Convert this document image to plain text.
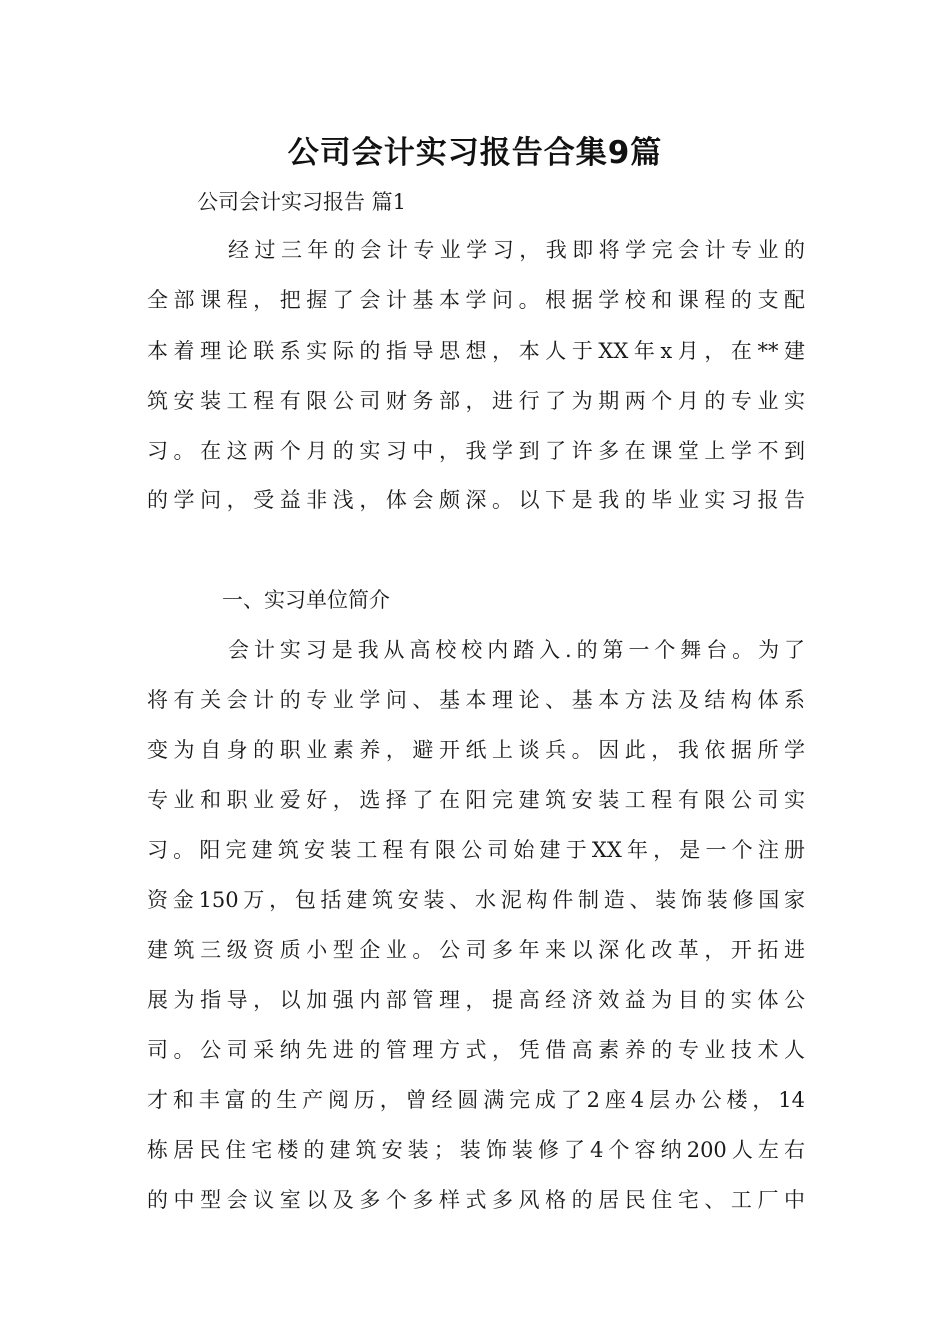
公司会计实习报告合集9篇
公司会计实习报告 篇1
经过三年的会计专业学习，我即将学完会计专业的
全部课程，把握了会计基本学问。根据学校和课程的支配
本着理论联系实际的指导思想，本人于XX年x月，在**建
筑安装工程有限公司财务部，进行了为期两个月的专业实
习。在这两个月的实习中，我学到了许多在课堂上学不到
的学问，受益非浅，体会颇深。以下是我的毕业实习报告
一、实习单位简介
会计实习是我从高校校内踏入.的第一个舞台。为了
将有关会计的专业学问、基本理论、基本方法及结构体系
变为自身的职业素养，避开纸上谈兵。因此，我依据所学
专业和职业爱好，选择了在阳完建筑安装工程有限公司实
习。阳完建筑安装工程有限公司始建于XX年，是一个注册
资金150万，包括建筑安装、水泥构件制造、装饰装修国家
建筑三级资质小型企业。公司多年来以深化改革，开拓进
展为指导，以加强内部管理，提高经济效益为目的实体公
司。公司采纳先进的管理方式，凭借高素养的专业技术人
才和丰富的生产阅历，曾经圆满完成了2座4层办公楼，14
栋居民住宅楼的建筑安装；装饰装修了4个容纳200人左右
的中型会议室以及多个多样式多风格的居民住宅、工厂中
